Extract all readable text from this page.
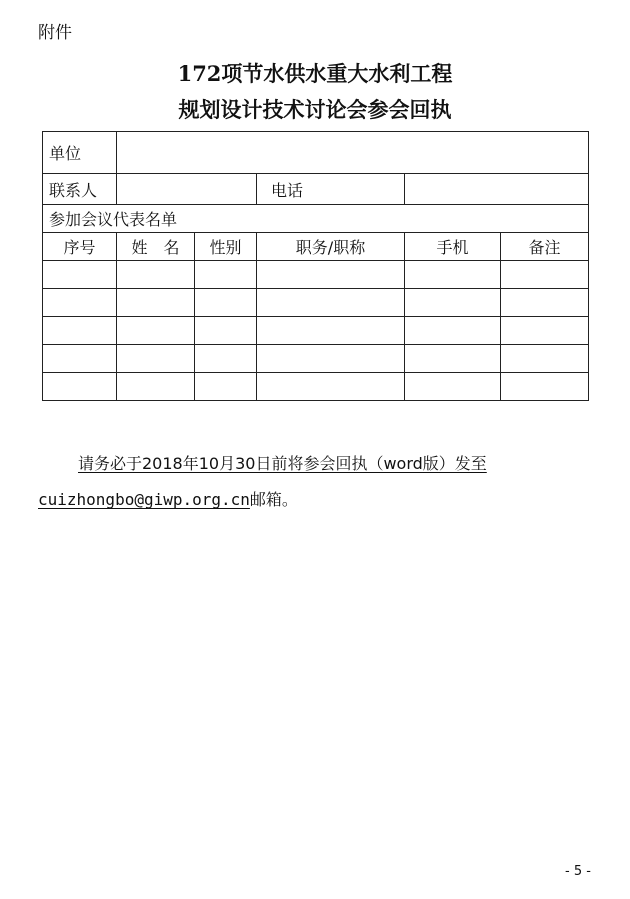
附件
172项节水供水重大水利工程
规划设计技术讨论会参会回执
单位					
联系人			电话		
参加会议代表名单					
序号	姓　名	性别	职务/职称	手机	备注

请务必于2018年10月30日前将参会回执（word版）发至
cuizhongbo@giwp.org.cn邮箱。
- 5 -
